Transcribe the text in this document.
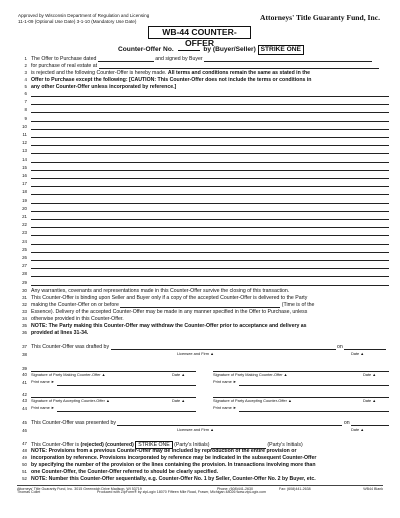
Approved by Wisconsin Department of Regulation and Licensing
11-1-09 (Optional Use Date) 3-1-10 (Mandatory Use Date)	Attorneys' Title Guaranty Fund, Inc.
WB-44 COUNTER-OFFER
Counter-Offer No.	by (Buyer/Seller) STRIKE ONE
1 The Offer to Purchase dated	and signed by Buyer
2 for purchase of real estate at
3 is rejected and the following Counter-Offer is hereby made. All terms and conditions remain the same as stated in the
4 Offer to Purchase except the following: [CAUTION: This Counter-Offer does not include the terms or conditions in
5 any other Counter-Offer unless incorporated by reference.]
6
7
8
9
10
11
12
13
14
15
16
17
18
19
20
21
22
23
24
25
26
27
28
29
30 Any warranties, covenants and representations made in this Counter-Offer survive the closing of this transaction.
31 This Counter-Offer is binding upon Seller and Buyer only if a copy of the accepted Counter-Offer is delivered to the Party
32 making the Counter-Offer on or before	(Time is of the
33 Essence). Delivery of the accepted Counter-Offer may be made in any manner specified in the Offer to Purchase, unless
34 otherwise provided in this Counter-Offer.
35 NOTE: The Party making this Counter-Offer may withdraw the Counter-Offer prior to acceptance and delivery as
36 provided at lines 31-34.
37 This Counter-Offer was drafted by	on
38	Licensee and Firm ▲	Date ▲
39
40 Signature of Party Making Counter-Offer ▲	Date ▲	Signature of Party Making Counter-Offer ▲	Date ▲
41 Print name ►	Print name ►
42
43 Signature of Party Accepting Counter-Offer ▲	Date ▲	Signature of Party Accepting Counter-Offer ▲	Date ▲
44 Print name ►	Print name ►
45 This Counter-Offer was presented by	on
46	Licensee and Firm ▲	Date ▲
47 This Counter-Offer is (rejected) (countered) STRIKE ONE (Party's Initials)	(Party's Initials)
48 NOTE: Provisions from a previous Counter-Offer may be included by reproduction of the entire provision or
49 incorporation by reference. Provisions incorporated by reference may be indicated in the subsequent Counter-Offer
50 by specifying the number of the provision or the lines containing the provision. In transactions involving more than
51 one Counter-Offer, the Counter-Offer referred to should be clearly specified.
52 NOTE: Number this Counter-Offer sequentially, e.g. Counter-Offer No. 1 by Seller, Counter-Offer No. 2 by Buyer, etc.
Attorneys' Title Guaranty Fund, Inc. 3015 Greenwich Drive Madison, WI 53719	Phone: (608)441-2630	Fax: (608)441-2638	WB44 Blank
Thomas Collet	Produced with ZipForm® by zipLogix 18070 Fifteen Mile Road, Fraser, Michigan 48026 www.zipLogix.com
